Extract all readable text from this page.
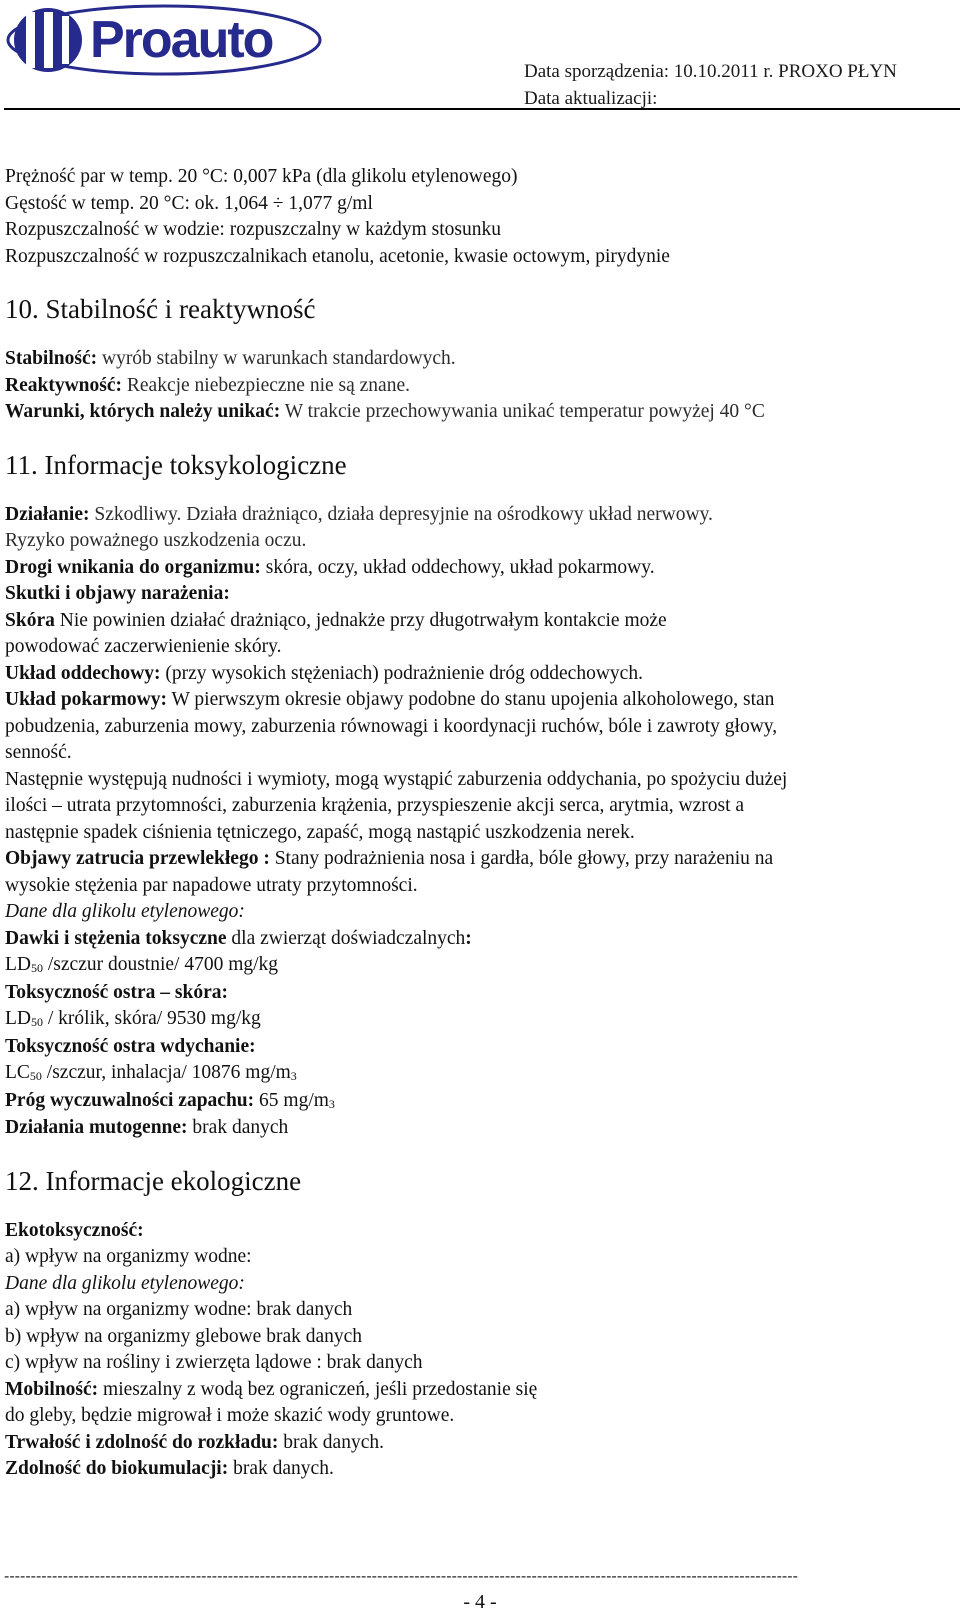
Proauto
Data sporządzenia: 10.10.2011 r. PROXO PŁYN
Data aktualizacji:
Prężność par w temp. 20 °C: 0,007 kPa (dla glikolu etylenowego)
Gęstość w temp. 20 °C: ok. 1,064 ÷ 1,077 g/ml
Rozpuszczalność w wodzie: rozpuszczalny w każdym stosunku
Rozpuszczalność w rozpuszczalnikach etanolu, acetonie, kwasie octowym, pirydynie
10. Stabilność i reaktywność
Stabilność: wyrób stabilny w warunkach standardowych.
Reaktywność: Reakcje niebezpieczne nie są znane.
Warunki, których należy unikać: W trakcie przechowywania unikać temperatur powyżej 40 °C
11. Informacje toksykologiczne
Działanie: Szkodliwy. Działa drażniąco, działa depresyjnie na ośrodkowy układ nerwowy.
Ryzyko poważnego uszkodzenia oczu.
Drogi wnikania do organizmu: skóra, oczy, układ oddechowy, układ pokarmowy.
Skutki i objawy narażenia:
Skóra Nie powinien działać drażniąco, jednakże przy długotrwałym kontakcie może
powodować zaczerwienienie skóry.
Układ oddechowy: (przy wysokich stężeniach) podrażnienie dróg oddechowych.
Układ pokarmowy: W pierwszym okresie objawy podobne do stanu upojenia alkoholowego, stan
pobudzenia, zaburzenia mowy, zaburzenia równowagi i koordynacji ruchów, bóle i zawroty głowy,
senność.
Następnie występują nudności i wymioty, mogą wystąpić zaburzenia oddychania, po spożyciu dużej
ilości – utrata przytomności, zaburzenia krążenia, przyspieszenie akcji serca, arytmia, wzrost a
następnie spadek ciśnienia tętniczego, zapaść, mogą nastąpić uszkodzenia nerek.
Objawy zatrucia przewlekłego : Stany podrażnienia nosa i gardła, bóle głowy, przy narażeniu na
wysokie stężenia par napadowe utraty przytomności.
Dane dla glikolu etylenowego:
Dawki i stężenia toksyczne dla zwierząt doświadczalnych:
$LD_{50}$ /szczur doustnie/ 4700 mg/kg
Toksyczność ostra – skóra:
$LD_{50}$ / królik, skóra/ 9530 mg/kg
Toksyczność ostra wdychanie:
$LC_{50}$ /szczur, inhalacja/ 10876 $mg/m_3$
Próg wyczuwalności zapachu: 65 $mg/m_3$
Działania mutogenne: brak danych
12. Informacje ekologiczne
Ekotoksyczność:
a) wpływ na organizmy wodne:
Dane dla glikolu etylenowego:
a) wpływ na organizmy wodne: brak danych
b) wpływ na organizmy glebowe brak danych
c) wpływ na rośliny i zwierzęta lądowe : brak danych
Mobilność: mieszalny z wodą bez ograniczeń, jeśli przedostanie się
do gleby, będzie migrował i może skazić wody gruntowe.
Trwałość i zdolność do rozkładu: brak danych.
Zdolność do biokumulacji: brak danych.
-----------------------------------------------------------------------------------------------------------------------------------------------------
- 4 -
